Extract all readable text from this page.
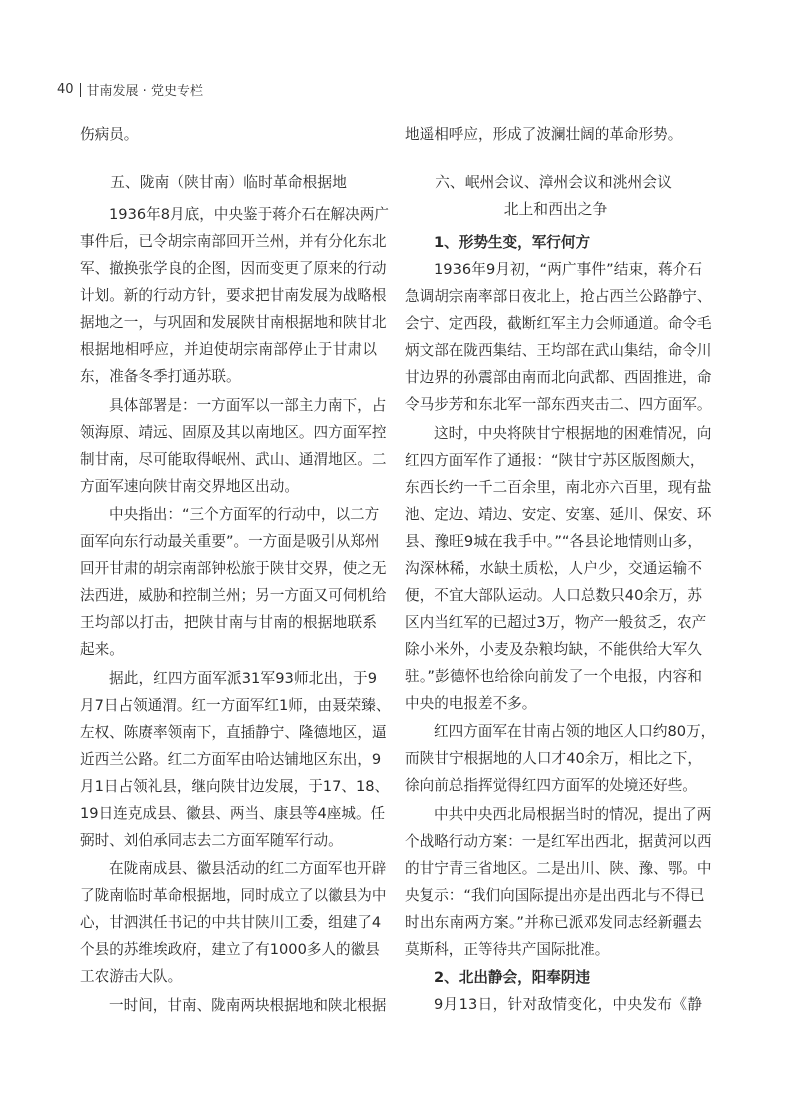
40 甘南发展 · 党史专栏
伤病员。
五、陇南（陕甘南）临时革命根据地
1936年8月底，中央鉴于蒋介石在解决两广
事件后，已令胡宗南部回开兰州，并有分化东北
军、撤换张学良的企图，因而变更了原来的行动
计划。新的行动方针，要求把甘南发展为战略根
据地之一，与巩固和发展陕甘南根据地和陕甘北
根据地相呼应，并迫使胡宗南部停止于甘肃以
东，准备冬季打通苏联。
具体部署是：一方面军以一部主力南下，占
领海原、靖远、固原及其以南地区。四方面军控
制甘南，尽可能取得岷州、武山、通渭地区。二
方面军速向陕甘南交界地区出动。
中央指出：“三个方面军的行动中，以二方
面军向东行动最关重要”。一方面是吸引从郑州
回开甘肃的胡宗南部钟松旅于陕甘交界，使之无
法西进，威胁和控制兰州；另一方面又可伺机给
王均部以打击，把陕甘南与甘南的根据地联系
起来。
据此，红四方面军派31军93师北出，于9
月7日占领通渭。红一方面军红1师，由聂荣臻、
左权、陈赓率领南下，直插静宁、隆德地区，逼
近西兰公路。红二方面军由哈达铺地区东出，9
月1日占领礼县，继向陕甘边发展，于17、18、
19日连克成县、徽县、两当、康县等4座城。任
弼时、刘伯承同志去二方面军随军行动。
在陇南成县、徽县活动的红二方面军也开辟
了陇南临时革命根据地，同时成立了以徽县为中
心，甘泗淇任书记的中共甘陕川工委，组建了4
个县的苏维埃政府，建立了有1000多人的徽县
工农游击大队。
一时间，甘南、陇南两块根据地和陕北根据
地遥相呼应，形成了波澜壮阔的革命形势。
六、岷州会议、漳州会议和洮州会议
北上和西出之争
1、形势生变，军行何方
1936年9月初，“两广事件”结束，蒋介石
急调胡宗南率部日夜北上，抢占西兰公路静宁、
会宁、定西段，截断红军主力会师通道。命令毛
炳文部在陇西集结、王均部在武山集结，命令川
甘边界的孙震部由南而北向武都、西固推进，命
令马步芳和东北军一部东西夹击二、四方面军。
这时，中央将陕甘宁根据地的困难情况，向
红四方面军作了通报：“陕甘宁苏区版图颇大，
东西长约一千二百余里，南北亦六百里，现有盐
池、定边、靖边、安定、安塞、延川、保安、环
县、豫旺9城在我手中。”“各县论地情则山多，
沟深林稀，水缺土质松，人户少，交通运输不
便，不宜大部队运动。人口总数只40余万，苏
区内当红军的已超过3万，物产一般贫乏，农产
除小米外，小麦及杂粮均缺，不能供给大军久
驻。”彭德怀也给徐向前发了一个电报，内容和
中央的电报差不多。
红四方面军在甘南占领的地区人口约80万，
而陕甘宁根据地的人口才40余万，相比之下，
徐向前总指挥觉得红四方面军的处境还好些。
中共中央西北局根据当时的情况，提出了两
个战略行动方案：一是红军出西北，据黄河以西
的甘宁青三省地区。二是出川、陕、豫、鄂。中
央复示：“我们向国际提出亦是出西北与不得已
时出东南两方案。”并称已派邓发同志经新疆去
莫斯科，正等待共产国际批准。
2、北出静会，阳奉阴违
9月13日，针对敌情变化，中央发布《静
